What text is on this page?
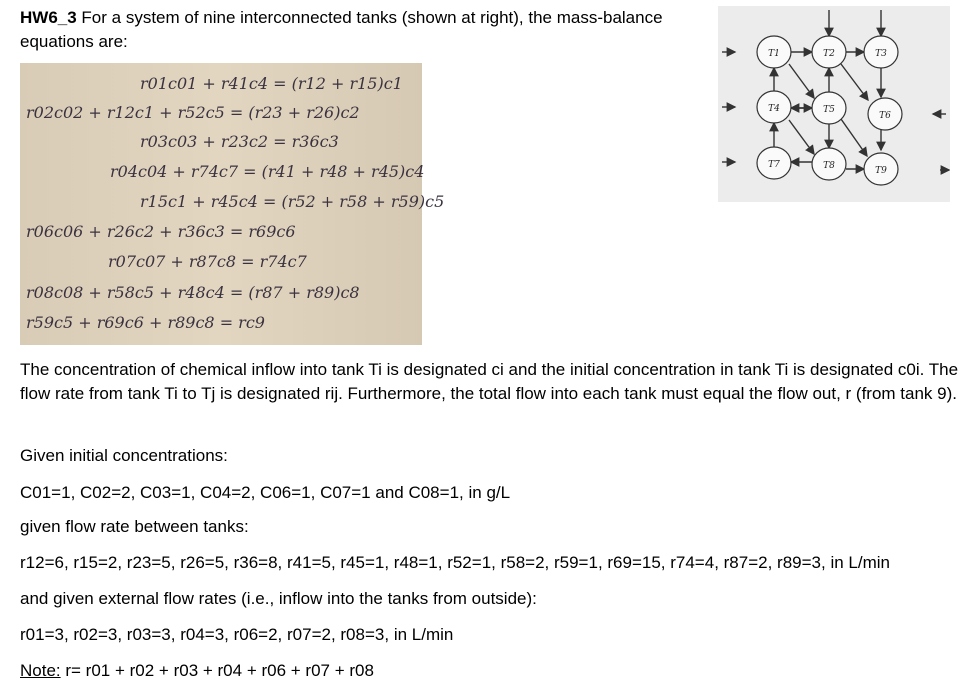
HW6_3 For a system of nine interconnected tanks (shown at right), the mass-balance equations are:
r01c01 + r41c4 = (r12 + r15)c1
r02c02 + r12c1 + r52c5 = (r23 + r26)c2
r03c03 + r23c2 = r36c3
r04c04 + r74c7 = (r41 + r48 + r45)c4
r15c1 + r45c4 = (r52 + r58 + r59)c5
r06c06 + r26c2 + r36c3 = r69c6
r07c07 + r87c8 = r74c7
r08c08 + r58c5 + r48c4 = (r87 + r89)c8
r59c5 + r69c6 + r89c8 = rc9
T1	T2	T3
T4	T5
T6
T7	T8	T9
The concentration of chemical inflow into tank Ti is designated ci and the initial concentration in tank Ti is designated c0i. The flow rate from tank Ti to Tj is designated rij. Furthermore, the total flow into each tank must equal the flow out, r (from tank 9).
Given initial concentrations:
C01=1, C02=2, C03=1, C04=2, C06=1, C07=1 and C08=1, in g/L
given flow rate between tanks:
r12=6, r15=2, r23=5, r26=5, r36=8, r41=5, r45=1, r48=1, r52=1, r58=2, r59=1, r69=15, r74=4, r87=2, r89=3, in L/min
and given external flow rates (i.e., inflow into the tanks from outside):
r01=3, r02=3, r03=3, r04=3, r06=2, r07=2, r08=3, in L/min
Note: r= r01 + r02 + r03 + r04 + r06 + r07 + r08
